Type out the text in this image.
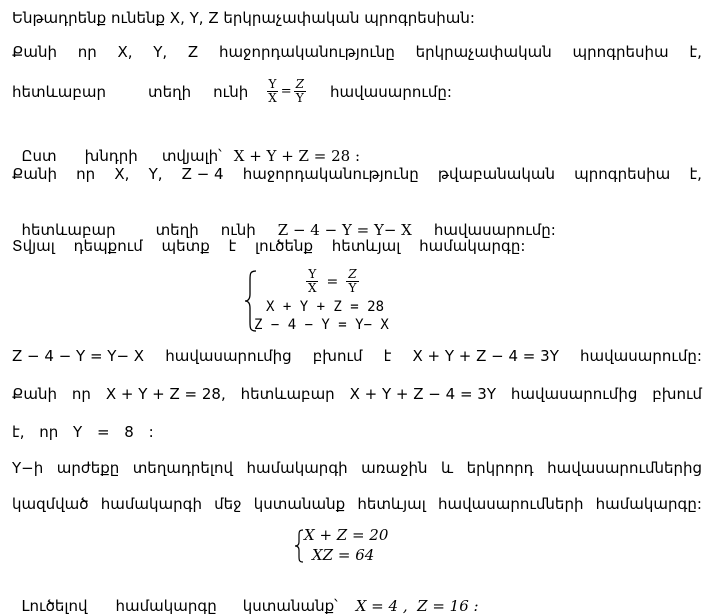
Ենթադրենք ունենք X, Y, Z երկրաչափական պրոգրեսիան:
Քանի որ X, Y, Z հաջորդականությունը երկրաչափական պրոգրեսիա է,
հետևաբար	տեղի ունի $\frac{Y}{X} = \frac{Z}{Y}$ հավասարումը:

Ըստ խնդրի տվյալի՝ X + Y + Z = 28 :

Քանի որ X, Y, Z − 4 հաջորդականությունը թվաբանական պրոգրեսիա է,

հետևաբար	տեղի ունի Z − 4 − Y = Y− X հավասարումը:

Տվյալ դեպքում պետք է լուծենք հետևյալ համակարգը:
$\frac{Y}{X} = \frac{Z}{Y}$
X + Y + Z = 28
Z − 4 − Y = Y− X
Z − 4 − Y = Y− X հավասարումից բխում է X + Y + Z − 4 = 3Y հավասարումը:
Քանի որ X + Y + Z = 28, հետևաբար X + Y + Z − 4 = 3Y հավասարումից բխում
է, որ Y = 8 :
Y−ի արժեքը տեղադրելով համակարգի առաջին և երկրորդ հավասարումներից
կազմված համակարգի մեջ կստանանք հետևյալ հավասարումների համակարգը:
X + Z = 20
XZ = 64

Լուծելով համակարգը կստանանք՝ X = 4 ,  Z = 16 :
